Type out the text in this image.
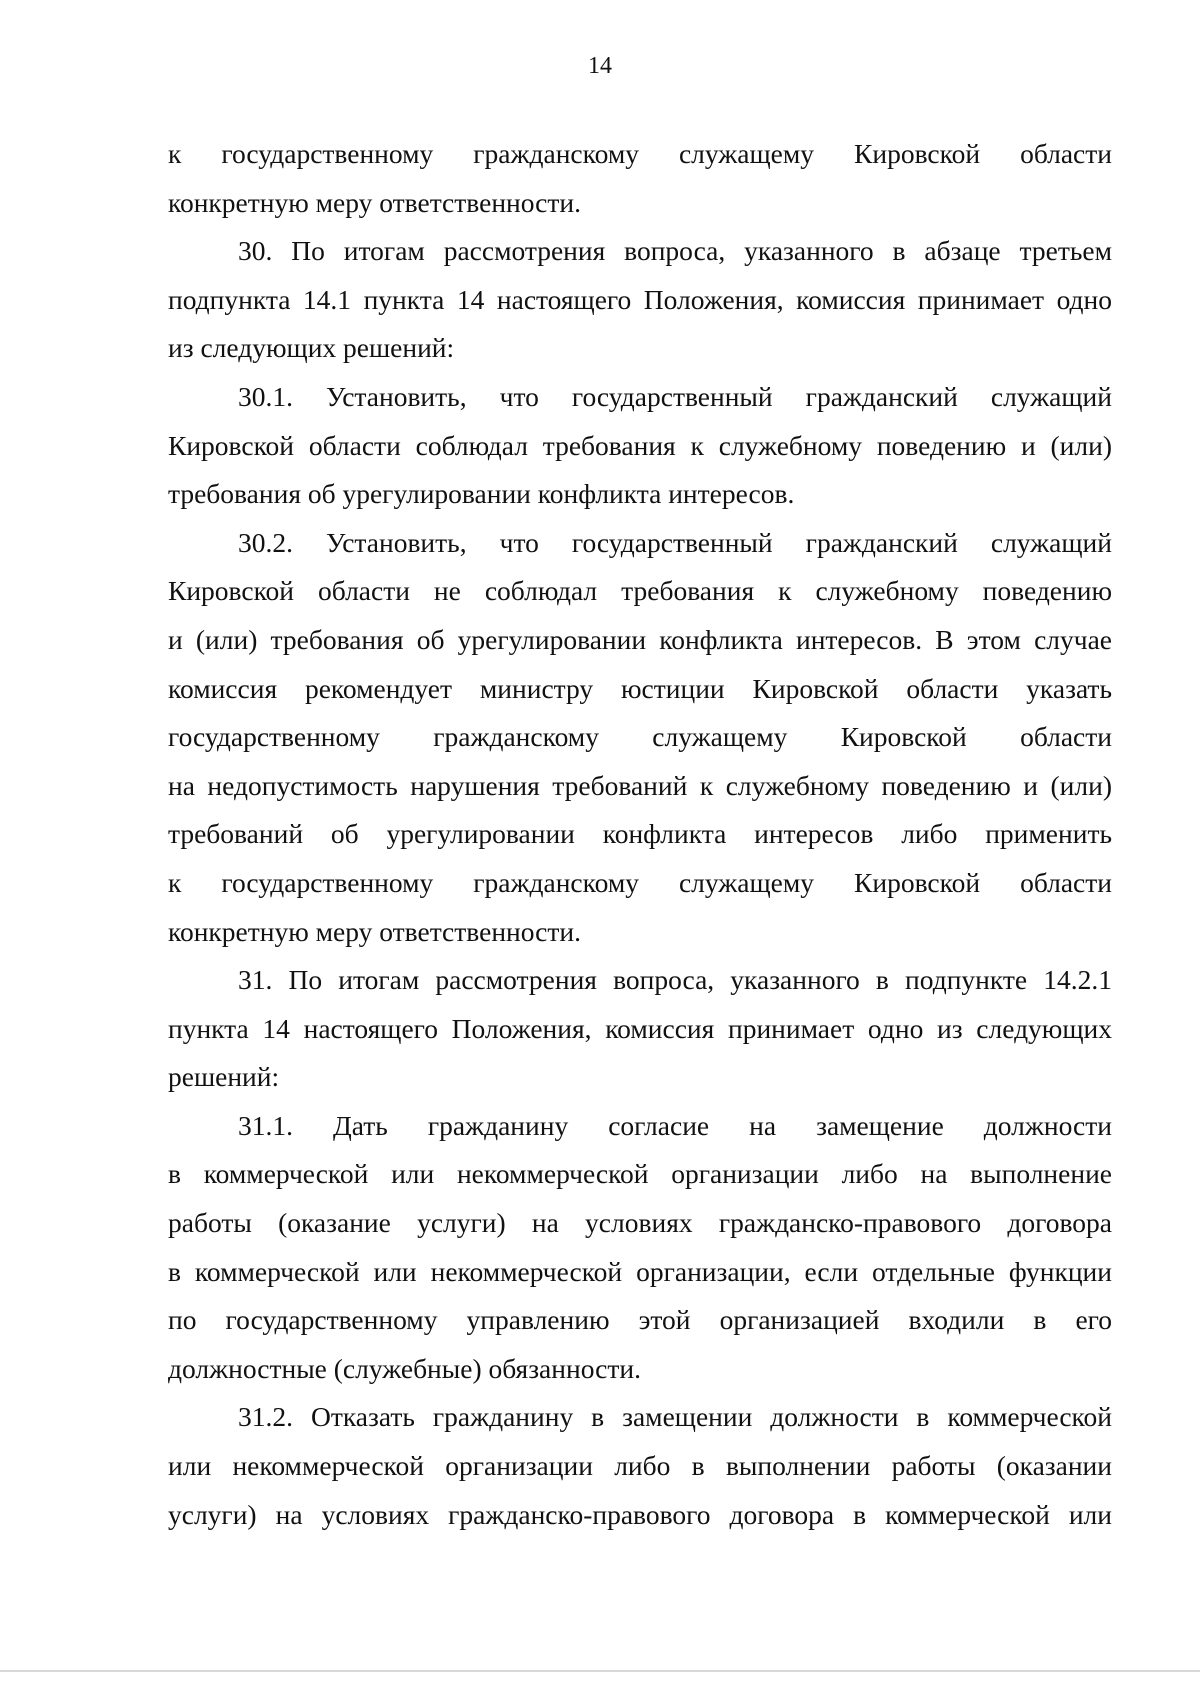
14
к государственному гражданскому служащему Кировской области
конкретную меру ответственности.
30. По итогам рассмотрения вопроса, указанного в абзаце третьем
подпункта 14.1 пункта 14 настоящего Положения, комиссия принимает одно
из следующих решений:
30.1. Установить, что государственный гражданский служащий
Кировской области соблюдал требования к служебному поведению и (или)
требования об урегулировании конфликта интересов.
30.2. Установить, что государственный гражданский служащий
Кировской области не соблюдал требования к служебному поведению
и (или) требования об урегулировании конфликта интересов. В этом случае
комиссия рекомендует министру юстиции Кировской области указать
государственному гражданскому служащему Кировской области
на недопустимость нарушения требований к служебному поведению и (или)
требований об урегулировании конфликта интересов либо применить
к государственному гражданскому служащему Кировской области
конкретную меру ответственности.
31. По итогам рассмотрения вопроса, указанного в подпункте 14.2.1
пункта 14 настоящего Положения, комиссия принимает одно из следующих
решений:
31.1. Дать гражданину согласие на замещение должности
в коммерческой или некоммерческой организации либо на выполнение
работы (оказание услуги) на условиях гражданско-правового договора
в коммерческой или некоммерческой организации, если отдельные функции
по государственному управлению этой организацией входили в его
должностные (служебные) обязанности.
31.2. Отказать гражданину в замещении должности в коммерческой
или некоммерческой организации либо в выполнении работы (оказании
услуги) на условиях гражданско-правового договора в коммерческой или
